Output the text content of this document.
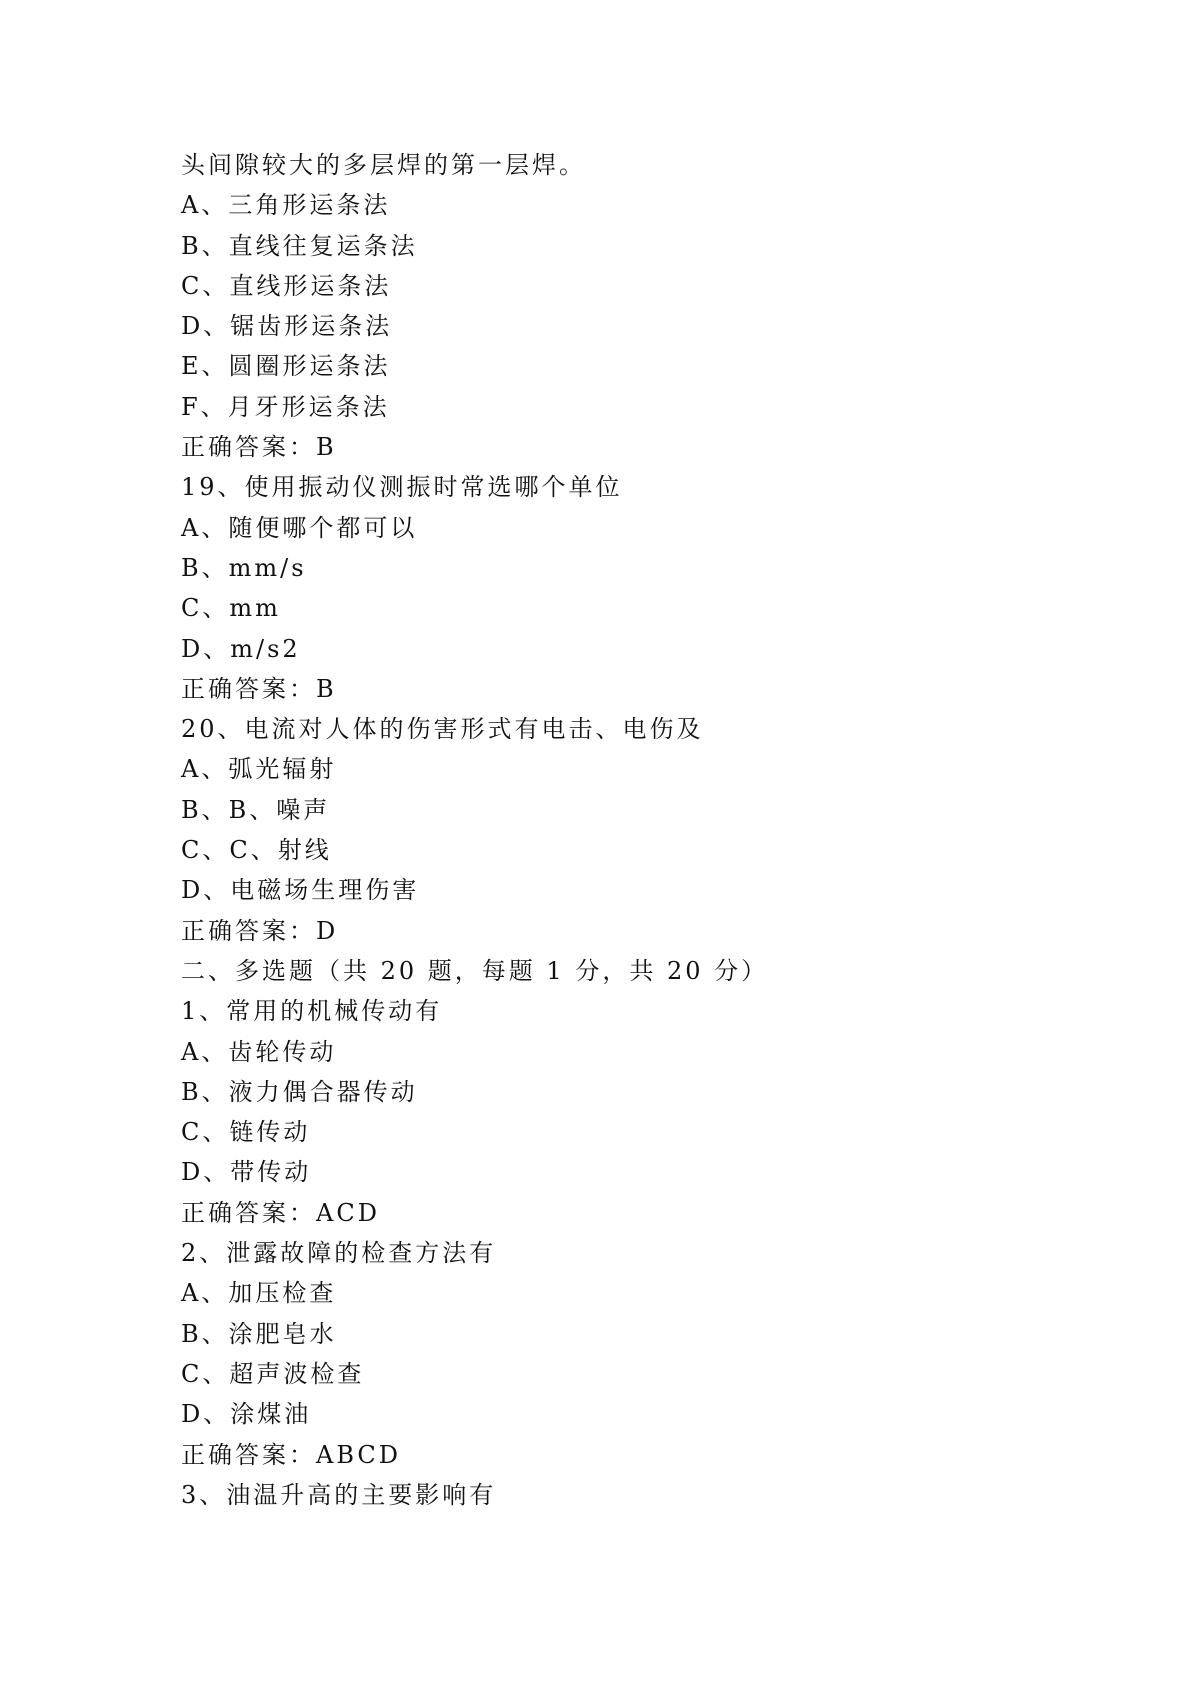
头间隙较大的多层焊的第一层焊。
A、三角形运条法
B、直线往复运条法
C、直线形运条法
D、锯齿形运条法
E、圆圈形运条法
F、月牙形运条法
正确答案：B
19、使用振动仪测振时常选哪个单位
A、随便哪个都可以
B、mm/s
C、mm
D、m/s2
正确答案：B
20、电流对人体的伤害形式有电击、电伤及
A、弧光辐射
B、B、噪声
C、C、射线
D、电磁场生理伤害
正确答案：D
二、多选题（共 20 题，每题 1 分，共 20 分）
1、常用的机械传动有
A、齿轮传动
B、液力偶合器传动
C、链传动
D、带传动
正确答案：ACD
2、泄露故障的检查方法有
A、加压检查
B、涂肥皂水
C、超声波检查
D、涂煤油
正确答案：ABCD
3、油温升高的主要影响有
